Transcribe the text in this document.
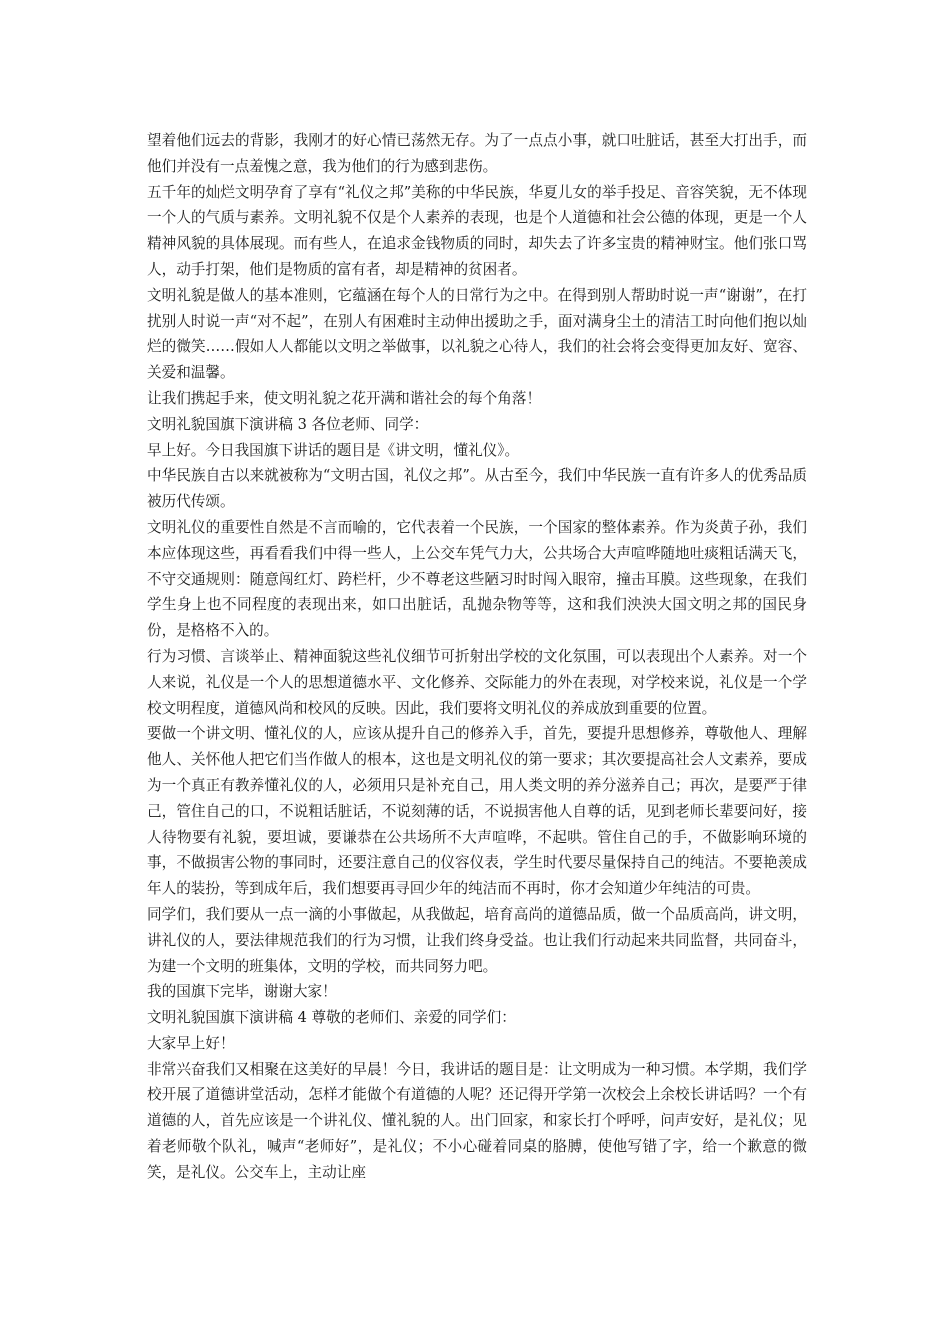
望着他们远去的背影，我刚才的好心情已荡然无存。为了一点点小事，就口吐脏话，甚至大打出手，而他们并没有一点羞愧之意，我为他们的行为感到悲伤。

五千年的灿烂文明孕育了享有“礼仪之邦”美称的中华民族，华夏儿女的举手投足、音容笑貌，无不体现一个人的气质与素养。文明礼貌不仅是个人素养的表现，也是个人道德和社会公德的体现，更是一个人精神风貌的具体展现。而有些人，在追求金钱物质的同时，却失去了许多宝贵的精神财宝。他们张口骂人，动手打架，他们是物质的富有者，却是精神的贫困者。

文明礼貌是做人的基本准则，它蕴涵在每个人的日常行为之中。在得到别人帮助时说一声“谢谢”，在打扰别人时说一声“对不起”，在别人有困难时主动伸出援助之手，面对满身尘土的清洁工时向他们抱以灿烂的微笑……假如人人都能以文明之举做事，以礼貌之心待人，我们的社会将会变得更加友好、宽容、关爱和温馨。

让我们携起手来，使文明礼貌之花开满和谐社会的每个角落！

文明礼貌国旗下演讲稿 3 各位老师、同学：

早上好。今日我国旗下讲话的题目是《讲文明，懂礼仪》。

中华民族自古以来就被称为“文明古国，礼仪之邦”。从古至今，我们中华民族一直有许多人的优秀品质被历代传颂。

文明礼仪的重要性自然是不言而喻的，它代表着一个民族，一个国家的整体素养。作为炎黄子孙，我们本应体现这些，再看看我们中得一些人，上公交车凭气力大，公共场合大声喧哗随地吐痰粗话满天飞，不守交通规则：随意闯红灯、跨栏杆，少不尊老这些陋习时时闯入眼帘，撞击耳膜。这些现象，在我们学生身上也不同程度的表现出来，如口出脏话，乱抛杂物等等，这和我们泱泱大国文明之邦的国民身份，是格格不入的。

行为习惯、言谈举止、精神面貌这些礼仪细节可折射出学校的文化氛围，可以表现出个人素养。对一个人来说，礼仪是一个人的思想道德水平、文化修养、交际能力的外在表现，对学校来说，礼仪是一个学校文明程度，道德风尚和校风的反映。因此，我们要将文明礼仪的养成放到重要的位置。

要做一个讲文明、懂礼仪的人，应该从提升自己的修养入手，首先，要提升思想修养，尊敬他人、理解他人、关怀他人把它们当作做人的根本，这也是文明礼仪的第一要求；其次要提高社会人文素养，要成为一个真正有教养懂礼仪的人，必须用只是补充自己，用人类文明的养分滋养自己；再次，是要严于律己，管住自己的口，不说粗话脏话，不说刻薄的话，不说损害他人自尊的话，见到老师长辈要问好，接人待物要有礼貌，要坦诚，要谦恭在公共场所不大声喧哗，不起哄。管住自己的手，不做影响环境的事，不做损害公物的事同时，还要注意自己的仪容仪表，学生时代要尽量保持自己的纯洁。不要艳羡成年人的装扮，等到成年后，我们想要再寻回少年的纯洁而不再时，你才会知道少年纯洁的可贵。

同学们，我们要从一点一滴的小事做起，从我做起，培育高尚的道德品质，做一个品质高尚，讲文明，讲礼仪的人，要法律规范我们的行为习惯，让我们终身受益。也让我们行动起来共同监督，共同奋斗，为建一个文明的班集体，文明的学校，而共同努力吧。

我的国旗下完毕，谢谢大家！

文明礼貌国旗下演讲稿 4 尊敬的老师们、亲爱的同学们：

大家早上好！

非常兴奋我们又相聚在这美好的早晨！今日，我讲话的题目是：让文明成为一种习惯。本学期，我们学校开展了道德讲堂活动，怎样才能做个有道德的人呢？还记得开学第一次校会上余校长讲话吗？一个有道德的人，首先应该是一个讲礼仪、懂礼貌的人。出门回家，和家长打个呼呼，问声安好，是礼仪；见着老师敬个队礼，喊声“老师好”，是礼仪；不小心碰着同桌的胳膊，使他写错了字，给一个歉意的微笑，是礼仪。公交车上，主动让座
